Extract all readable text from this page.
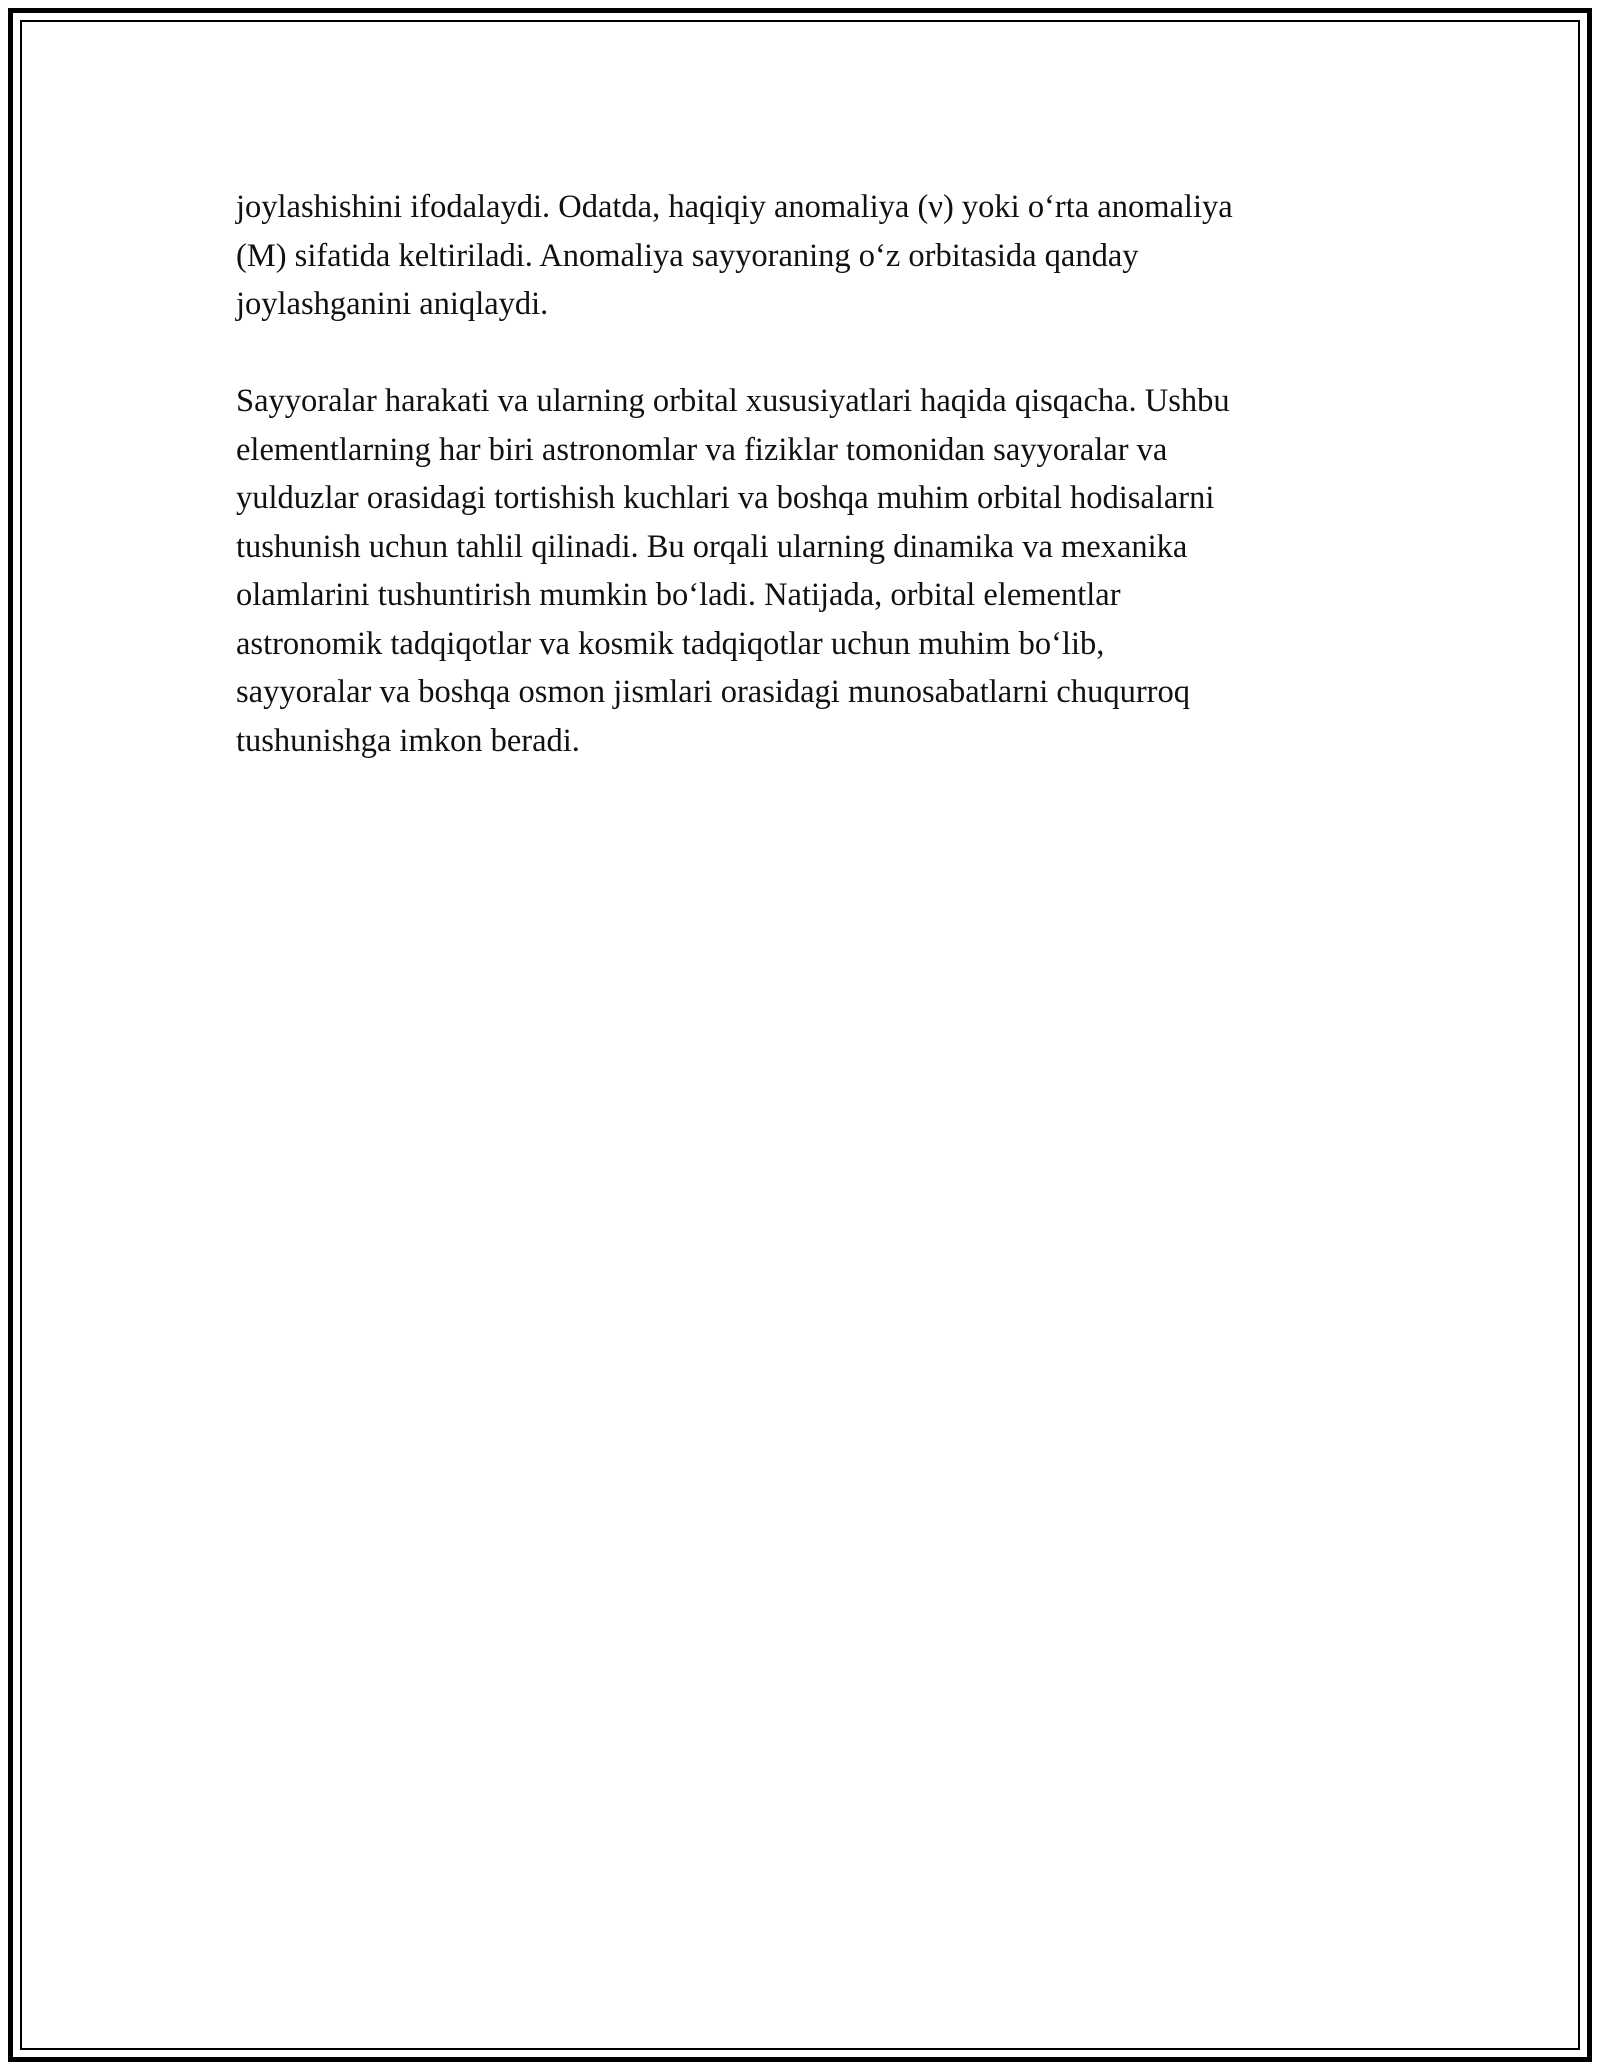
joylashishini ifodalaydi. Odatda, haqiqiy anomaliya (ν) yoki oʻrta anomaliya
(M) sifatida keltiriladi. Anomaliya sayyoraning oʻz orbitasida qanday
joylashganini aniqlaydi.

Sayyoralar harakati va ularning orbital xususiyatlari haqida qisqacha. Ushbu
elementlarning har biri astronomlar va fiziklar tomonidan sayyoralar va
yulduzlar orasidagi tortishish kuchlari va boshqa muhim orbital hodisalarni
tushunish uchun tahlil qilinadi. Bu orqali ularning dinamika va mexanika
olamlarini tushuntirish mumkin boʻladi. Natijada, orbital elementlar
astronomik tadqiqotlar va kosmik tadqiqotlar uchun muhim boʻlib,
sayyoralar va boshqa osmon jismlari orasidagi munosabatlarni chuqurroq
tushunishga imkon beradi.
